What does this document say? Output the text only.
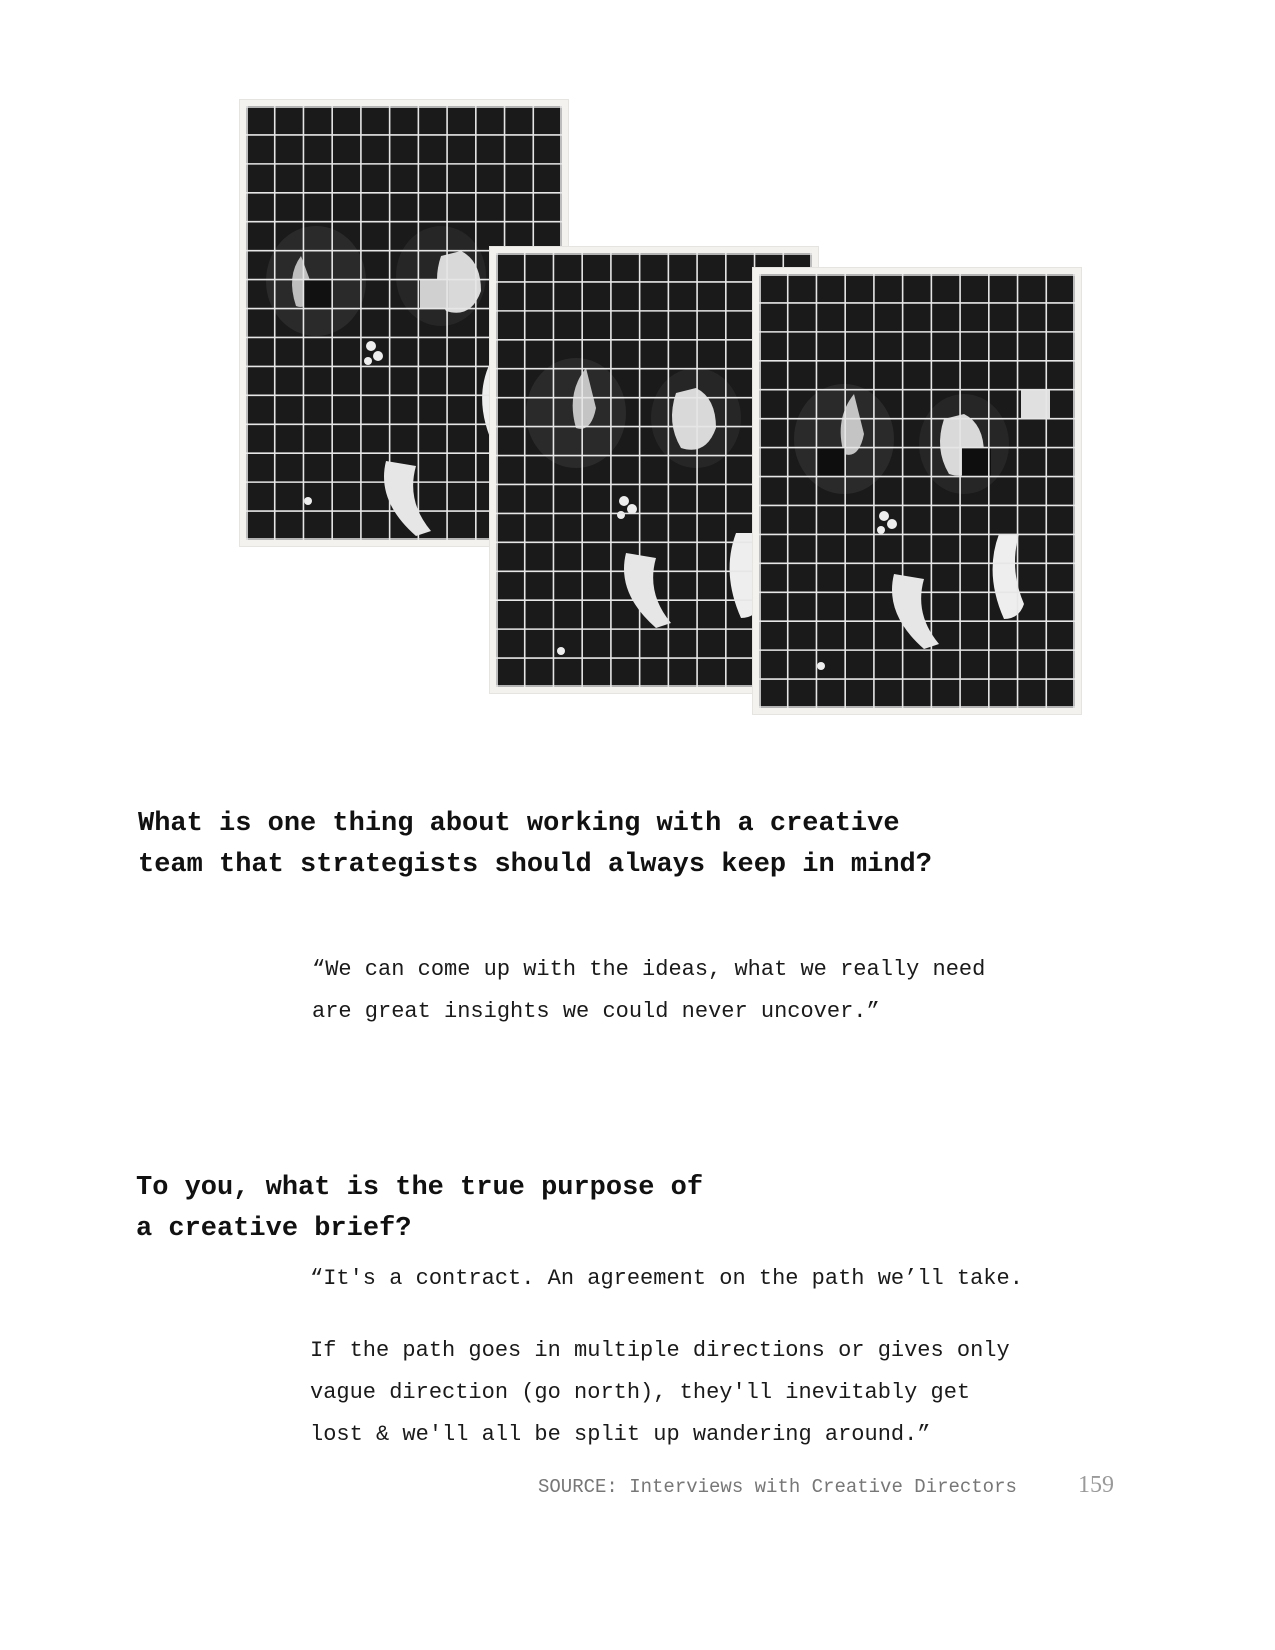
What is one thing about working with a creative
team that strategists should always keep in mind?

“We can come up with the ideas, what we really need
are great insights we could never uncover.”

To you, what is the true purpose of
a creative brief?

“It's a contract. An agreement on the path we’ll take.

If the path goes in multiple directions or gives only
vague direction (go north), they'll inevitably get
lost & we'll all be split up wandering around.”

SOURCE: Interviews with Creative Directors	159
